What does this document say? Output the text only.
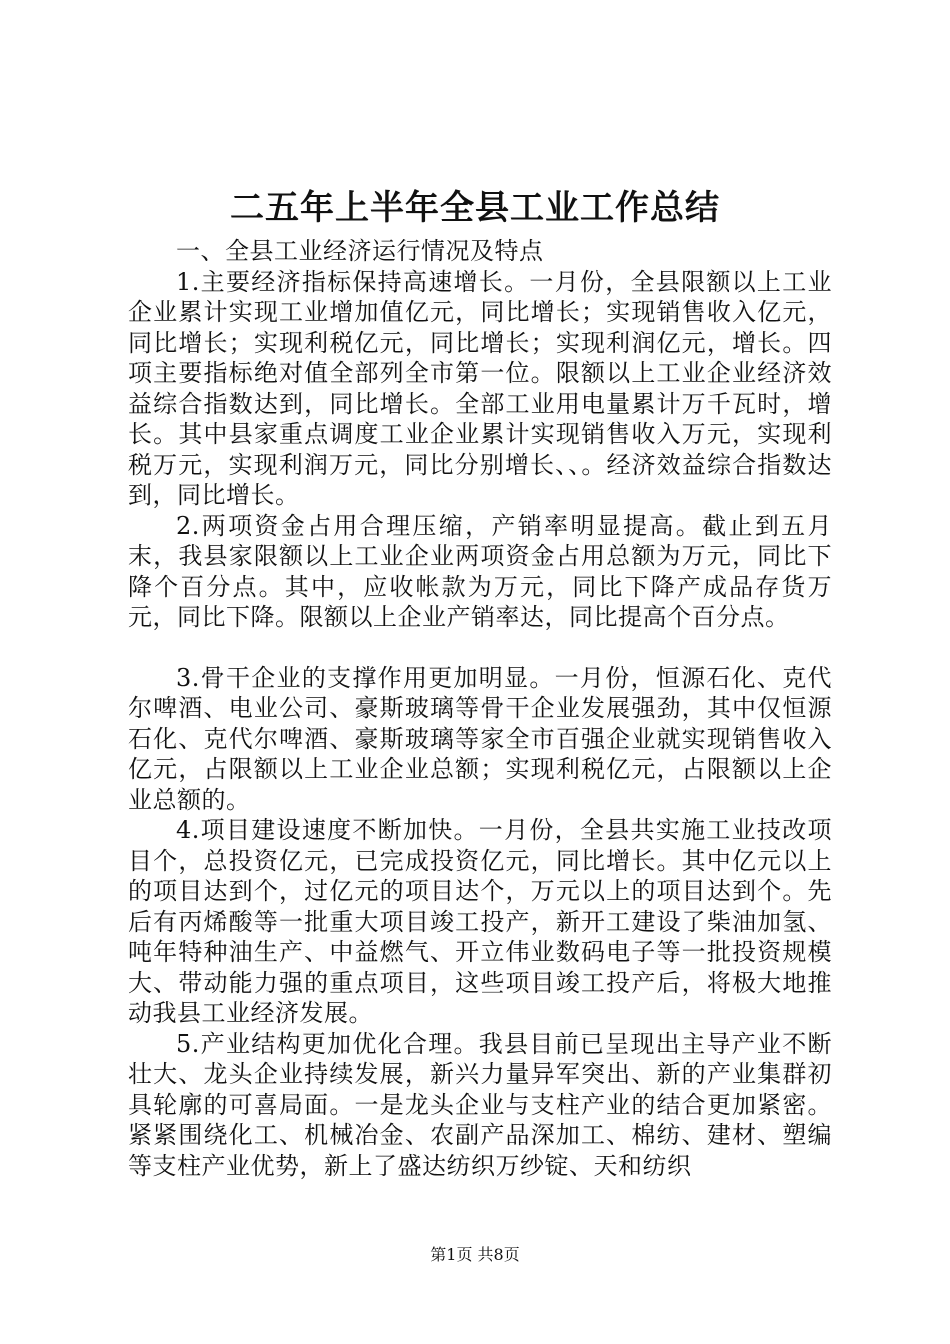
二五年上半年全县工业工作总结

一、全县工业经济运行情况及特点

1.主要经济指标保持高速增长。一月份，全县限额以上工业企业累计实现工业增加值亿元，同比增长；实现销售收入亿元，同比增长；实现利税亿元，同比增长；实现利润亿元，增长。四项主要指标绝对值全部列全市第一位。限额以上工业企业经济效益综合指数达到，同比增长。全部工业用电量累计万千瓦时，增长。其中县家重点调度工业企业累计实现销售收入万元，实现利税万元，实现利润万元，同比分别增长、、。经济效益综合指数达到，同比增长。

2.两项资金占用合理压缩，产销率明显提高。截止到五月末，我县家限额以上工业企业两项资金占用总额为万元，同比下降个百分点。其中，应收帐款为万元，同比下降产成品存货万元，同比下降。限额以上企业产销率达，同比提高个百分点。

3.骨干企业的支撑作用更加明显。一月份，恒源石化、克代尔啤酒、电业公司、豪斯玻璃等骨干企业发展强劲，其中仅恒源石化、克代尔啤酒、豪斯玻璃等家全市百强企业就实现销售收入亿元，占限额以上工业企业总额；实现利税亿元，占限额以上企业总额的。

4.项目建设速度不断加快。一月份，全县共实施工业技改项目个，总投资亿元，已完成投资亿元，同比增长。其中亿元以上的项目达到个，过亿元的项目达个，万元以上的项目达到个。先后有丙烯酸等一批重大项目竣工投产，新开工建设了柴油加氢、吨年特种油生产、中益燃气、开立伟业数码电子等一批投资规模大、带动能力强的重点项目，这些项目竣工投产后，将极大地推动我县工业经济发展。

5.产业结构更加优化合理。我县目前已呈现出主导产业不断壮大、龙头企业持续发展，新兴力量异军突出、新的产业集群初具轮廓的可喜局面。一是龙头企业与支柱产业的结合更加紧密。紧紧围绕化工、机械冶金、农副产品深加工、棉纺、建材、塑编等支柱产业优势，新上了盛达纺织万纱锭、天和纺织

第1页 共8页
